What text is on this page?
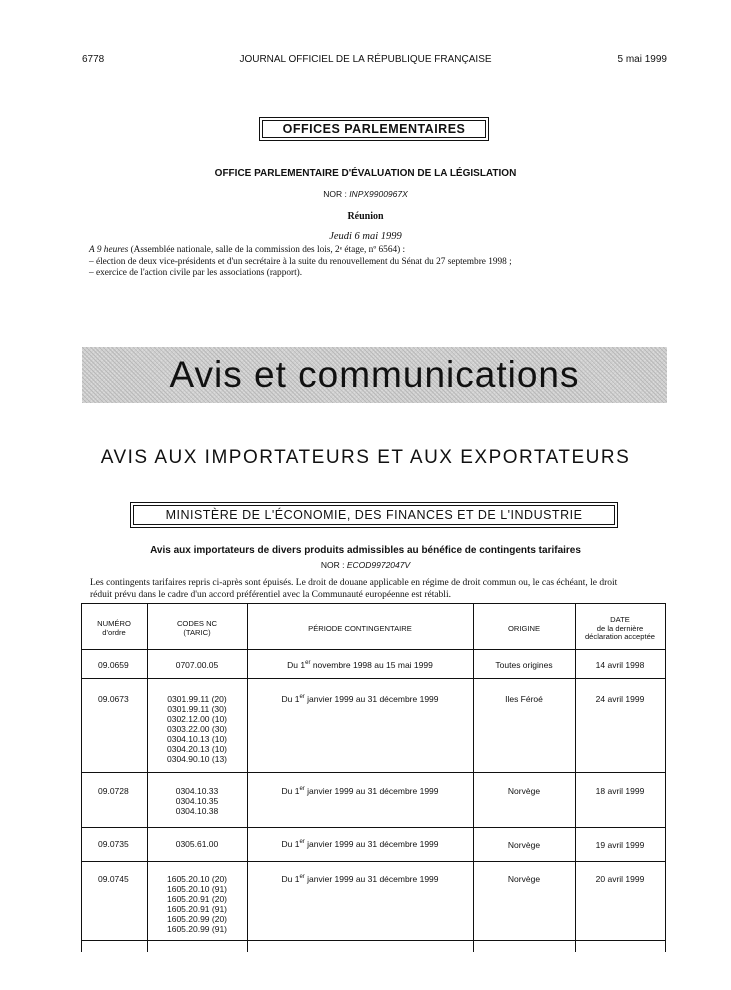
6778	JOURNAL OFFICIEL DE LA RÉPUBLIQUE FRANÇAISE	5 mai 1999
OFFICES PARLEMENTAIRES
OFFICE PARLEMENTAIRE D'ÉVALUATION DE LA LÉGISLATION
NOR : INPX9900967X
Réunion
Jeudi 6 mai 1999
A 9 heures (Assemblée nationale, salle de la commission des lois, 2ᵉ étage, nº 6564) :
– élection de deux vice-présidents et d'un secrétaire à la suite du renouvellement du Sénat du 27 septembre 1998 ;
– exercice de l'action civile par les associations (rapport).
Avis et communications
AVIS AUX IMPORTATEURS ET AUX EXPORTATEURS
MINISTÈRE DE L'ÉCONOMIE, DES FINANCES ET DE L'INDUSTRIE
Avis aux importateurs de divers produits admissibles au bénéfice de contingents tarifaires
NOR : ECOD9972047V
Les contingents tarifaires repris ci-après sont épuisés. Le droit de douane applicable en régime de droit commun ou, le cas échéant, le droit
réduit prévu dans le cadre d'un accord préférentiel avec la Communauté européenne est rétabli.
NUMÉRO
d'ordre
CODES NC
(TARIC)	PÉRIODE CONTINGENTAIRE	ORIGINE
DATE
de la dernière
déclaration acceptée
09.0659	0707.00.05	Du 1er novembre 1998 au 15 mai 1999	Toutes origines	14 avril 1998
09.0673	0301.99.11 (20)
0301.99.11 (30)
0302.12.00 (10)
0303.22.00 (30)
0304.10.13 (10)
0304.20.13 (10)
0304.90.10 (13)
Du 1er janvier 1999 au 31 décembre 1999	Iles Féroé	24 avril 1999
09.0728	0304.10.33
0304.10.35
0304.10.38
Du 1er janvier 1999 au 31 décembre 1999	Norvège	18 avril 1999
09.0735	0305.61.00	Du 1er janvier 1999 au 31 décembre 1999	Norvège	19 avril 1999
09.0745	1605.20.10 (20)
1605.20.10 (91)
1605.20.91 (20)
1605.20.91 (91)
1605.20.99 (20)
1605.20.99 (91)
Du 1er janvier 1999 au 31 décembre 1999	Norvège	20 avril 1999
